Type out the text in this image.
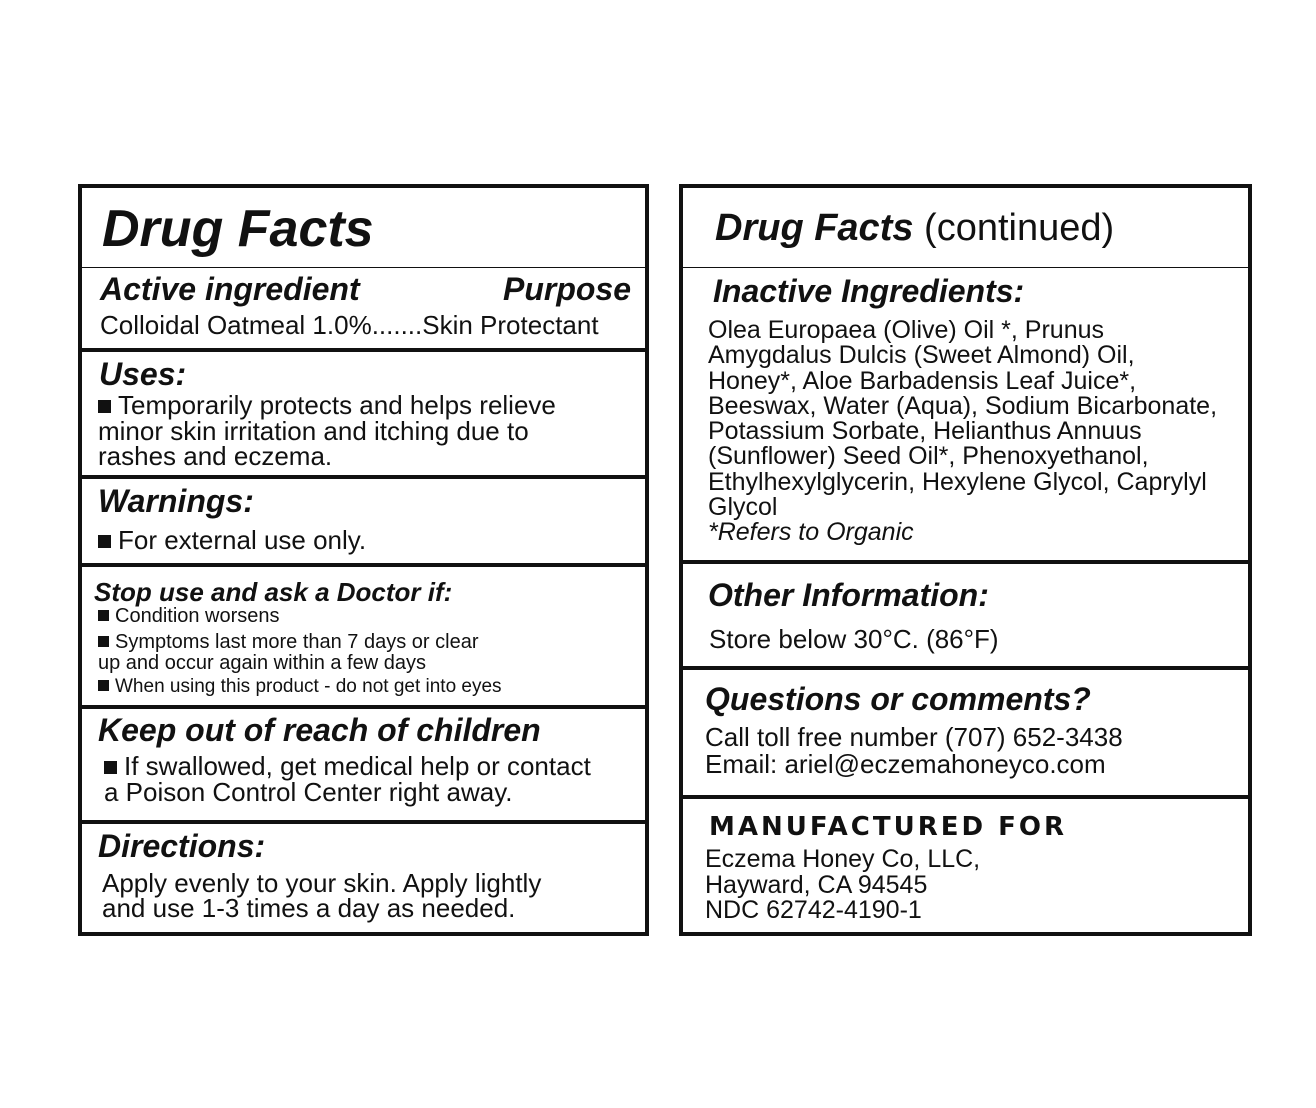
Drug Facts
Active ingredient	Purpose
Colloidal Oatmeal 1.0%.......Skin Protectant
Uses:
Temporarily protects and helps relieve
minor skin irritation and itching due to
rashes and eczema.
Warnings:
For external use only.
Stop use and ask a Doctor if:
Condition worsens
Symptoms last more than 7 days or clear
up and occur again within a few days
When using this product - do not get into eyes
Keep out of reach of children
If swallowed, get medical help or contact
a Poison Control Center right away.
Directions:
Apply evenly to your skin. Apply lightly
and use 1-3 times a day as needed.
Drug Facts (continued)
Inactive Ingredients:
Olea Europaea (Olive) Oil *, Prunus
Amygdalus Dulcis (Sweet Almond) Oil,
Honey*, Aloe Barbadensis Leaf Juice*,
Beeswax, Water (Aqua), Sodium Bicarbonate,
Potassium Sorbate, Helianthus Annuus
(Sunflower) Seed Oil*, Phenoxyethanol,
Ethylhexylglycerin, Hexylene Glycol, Caprylyl
Glycol
*Refers to Organic
Other Information:
Store below 30°C. (86°F)
Questions or comments?
Call toll free number (707) 652-3438
Email: ariel@eczemahoneyco.com
MANUFACTURED FOR
Eczema Honey Co, LLC,
Hayward, CA 94545
NDC 62742-4190-1
